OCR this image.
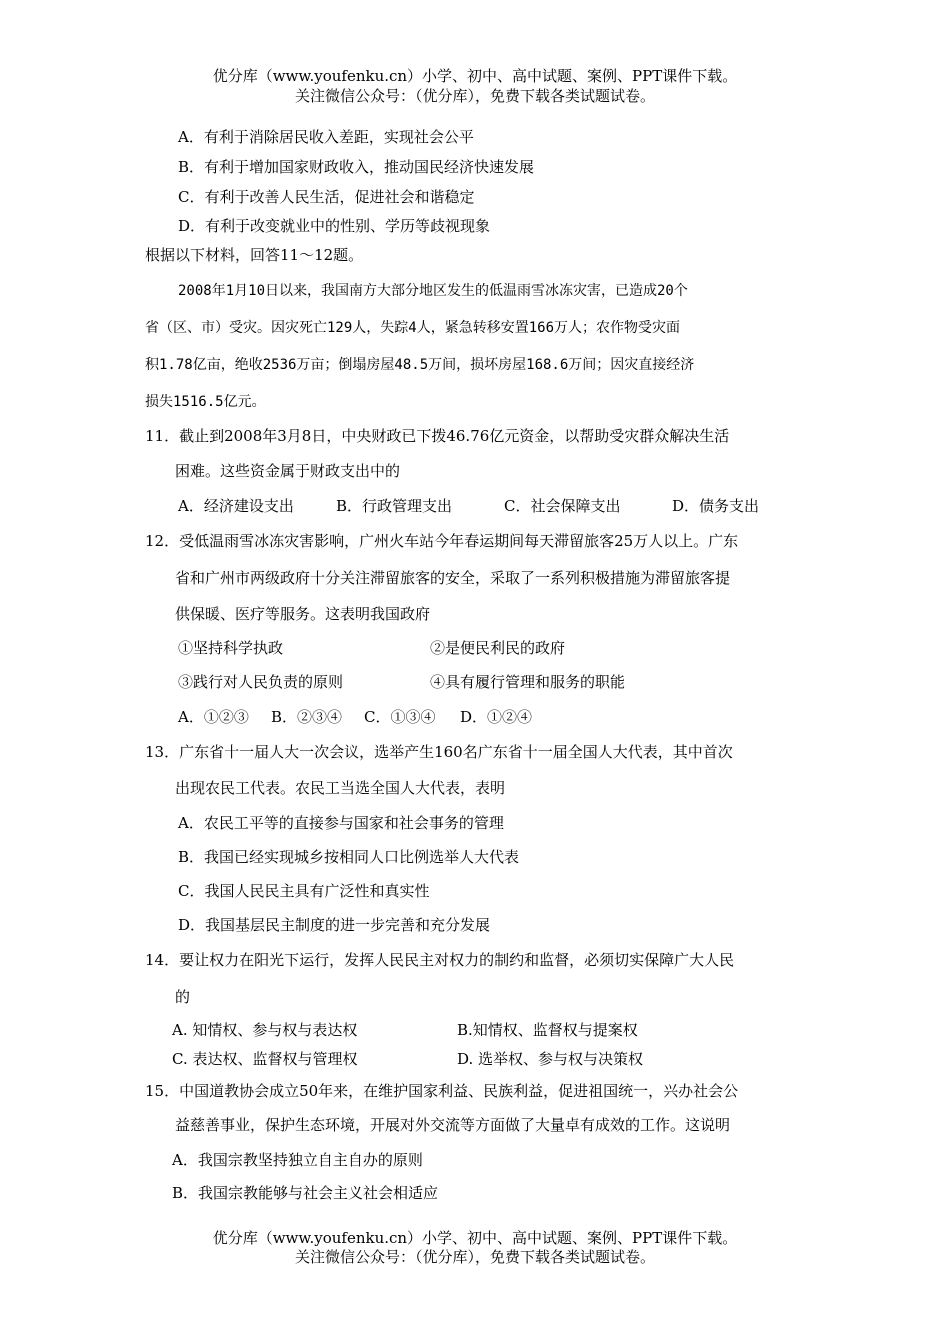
优分库（www.youfenku.cn）小学、初中、高中试题、案例、PPT课件下载。
关注微信公众号：（优分库），免费下载各类试题试卷。
A．有利于消除居民收入差距，实现社会公平
B．有利于增加国家财政收入，推动国民经济快速发展
C．有利于改善人民生活，促进社会和谐稳定
D．有利于改变就业中的性别、学历等歧视现象
根据以下材料，回答11～12题。
2008年1月10日以来，我国南方大部分地区发生的低温雨雪冰冻灾害，已造成20个
省（区、市）受灾。因灾死亡129人，失踪4人，紧急转移安置166万人；农作物受灾面
积1.78亿亩，绝收2536万亩；倒塌房屋48.5万间，损坏房屋168.6万间；因灾直接经济
损失1516.5亿元。
11．截止到2008年3月8日，中央财政已下拨46.76亿元资金，以帮助受灾群众解决生活
困难。这些资金属于财政支出中的
A．经济建设支出	B．行政管理支出	C．社会保障支出	D．债务支出
12．受低温雨雪冰冻灾害影响，广州火车站今年春运期间每天滞留旅客25万人以上。广东
省和广州市两级政府十分关注滞留旅客的安全，采取了一系列积极措施为滞留旅客提
供保暖、医疗等服务。这表明我国政府
①坚持科学执政	②是便民利民的政府
③践行对人民负责的原则	④具有履行管理和服务的职能
A．①②③ B．②③④ C．①③④ D．①②④
13．广东省十一届人大一次会议，选举产生160名广东省十一届全国人大代表，其中首次
出现农民工代表。农民工当选全国人大代表，表明
A．农民工平等的直接参与国家和社会事务的管理
B．我国已经实现城乡按相同人口比例选举人大代表
C．我国人民民主具有广泛性和真实性
D．我国基层民主制度的进一步完善和充分发展
14．要让权力在阳光下运行，发挥人民民主对权力的制约和监督，必须切实保障广大人民
的
A. 知情权、参与权与表达权	B.知情权、监督权与提案权
C. 表达权、监督权与管理权	D. 选举权、参与权与决策权
15．中国道教协会成立50年来，在维护国家利益、民族利益，促进祖国统一，兴办社会公
益慈善事业，保护生态环境，开展对外交流等方面做了大量卓有成效的工作。这说明
A．我国宗教坚持独立自主自办的原则
B．我国宗教能够与社会主义社会相适应
优分库（www.youfenku.cn）小学、初中、高中试题、案例、PPT课件下载。
关注微信公众号：（优分库），免费下载各类试题试卷。
